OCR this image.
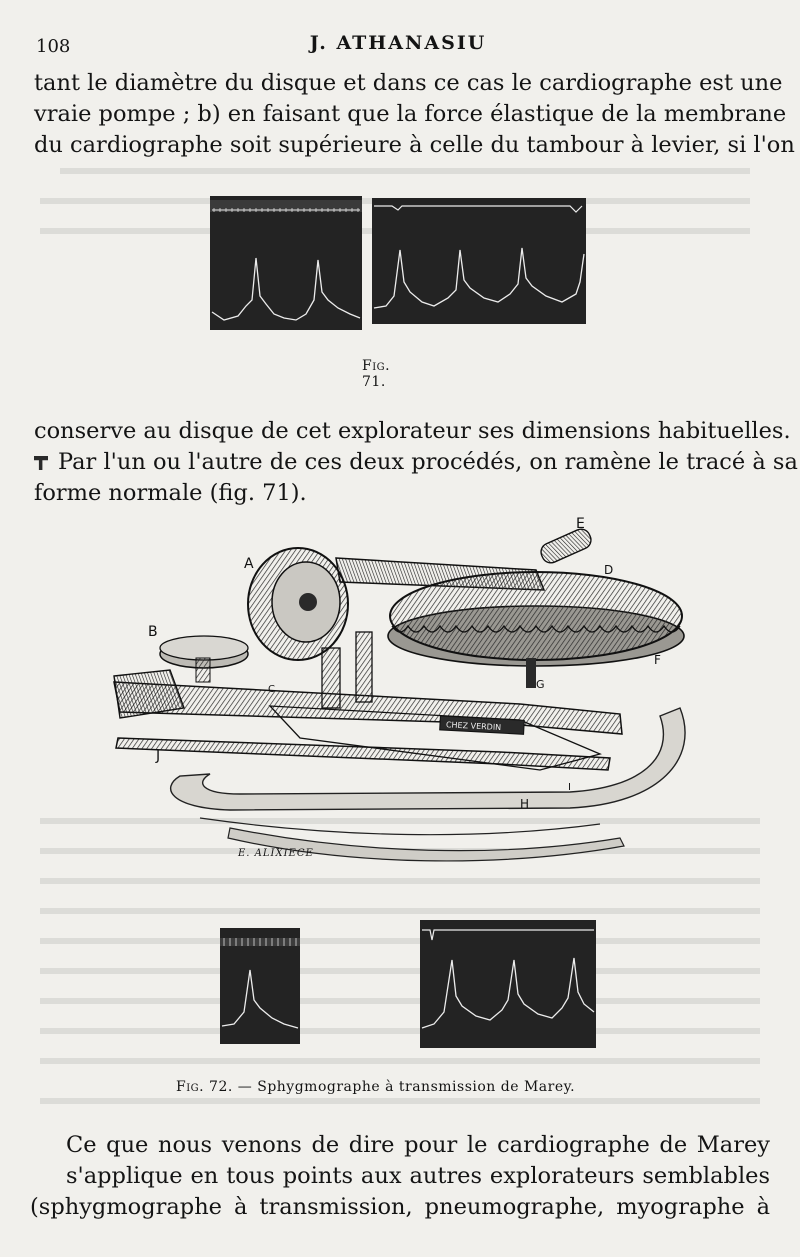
108	J. ATHANASIU
tant le diamètre du disque et dans ce cas le cardiographe est une
vraie pompe ; b) en faisant que la force élastique de la membrane
du cardiographe soit supérieure à celle du tambour à levier, si l'on
Fig. 71.
conserve au disque de cet explorateur ses dimensions habituelles.
Par l'un ou l'autre de ces deux procédés, on ramène le tracé à sa
forme normale (fig. 71).
CHEZ VERDIN
A
B
C
D
E
F
G
H
I
J
E. ALIXIECE
Fig. 72. — Sphygmographe à transmission de Marey.
Ce que nous venons de dire pour le cardiographe de Marey
s'applique en tous points aux autres explorateurs semblables
(sphygmographe à transmission, pneumographe, myographe à
